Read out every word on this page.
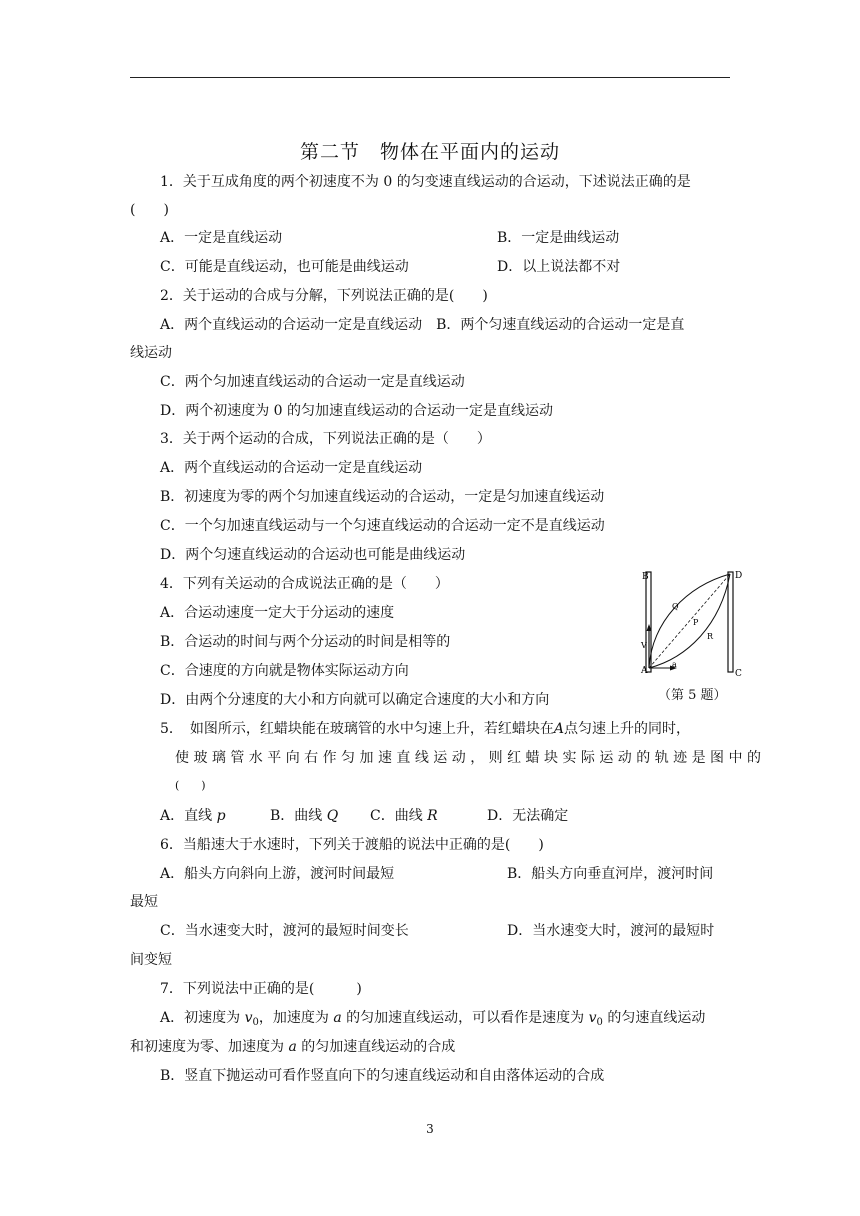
第二节　物体在平面内的运动
1．关于互成角度的两个初速度不为 0 的匀变速直线运动的合运动，下述说法正确的是
(　　)
A．一定是直线运动	B．一定是曲线运动
C．可能是直线运动，也可能是曲线运动	D．以上说法都不对
2．关于运动的合成与分解，下列说法正确的是(　　)
A．两个直线运动的合运动一定是直线运动　B．两个匀速直线运动的合运动一定是直
线运动
C．两个匀加速直线运动的合运动一定是直线运动
D．两个初速度为 0 的匀加速直线运动的合运动一定是直线运动
3．关于两个运动的合成，下列说法正确的是（　　）
A．两个直线运动的合运动一定是直线运动
B．初速度为零的两个匀加速直线运动的合运动，一定是匀加速直线运动
C．一个匀加速直线运动与一个匀速直线运动的合运动一定不是直线运动
D．两个匀速直线运动的合运动也可能是曲线运动
4．下列有关运动的合成说法正确的是（　　）
A．合运动速度一定大于分运动的速度
B．合运动的时间与两个分运动的时间是相等的
C．合速度的方向就是物体实际运动方向
D．由两个分速度的大小和方向就可以确定合速度的大小和方向
B	D
A	C
Q
P
R
V
a
（第 5 题）
5．　如图所示，红蜡块能在玻璃管的水中匀速上升，若红蜡块在A点匀速上升的同时，
使 玻 璃 管 水 平 向 右 作 匀 加 速 直 线 运 动 ， 则 红 蜡 块 实 际 运 动 的 轨 迹 是 图 中 的
(　　)
A．直线 p	B．曲线 Q C．曲线 R	D．无法确定
6．当船速大于水速时，下列关于渡船的说法中正确的是(　　)
A．船头方向斜向上游，渡河时间最短	B．船头方向垂直河岸，渡河时间
最短
C．当水速变大时，渡河的最短时间变长	D．当水速变大时，渡河的最短时
间变短
7．下列说法中正确的是(　　　)
A．初速度为 $v_0$，加速度为 a 的匀加速直线运动，可以看作是速度为 $v_0$ 的匀速直线运动
和初速度为零、加速度为 a 的匀加速直线运动的合成
B．竖直下抛运动可看作竖直向下的匀速直线运动和自由落体运动的合成
3
